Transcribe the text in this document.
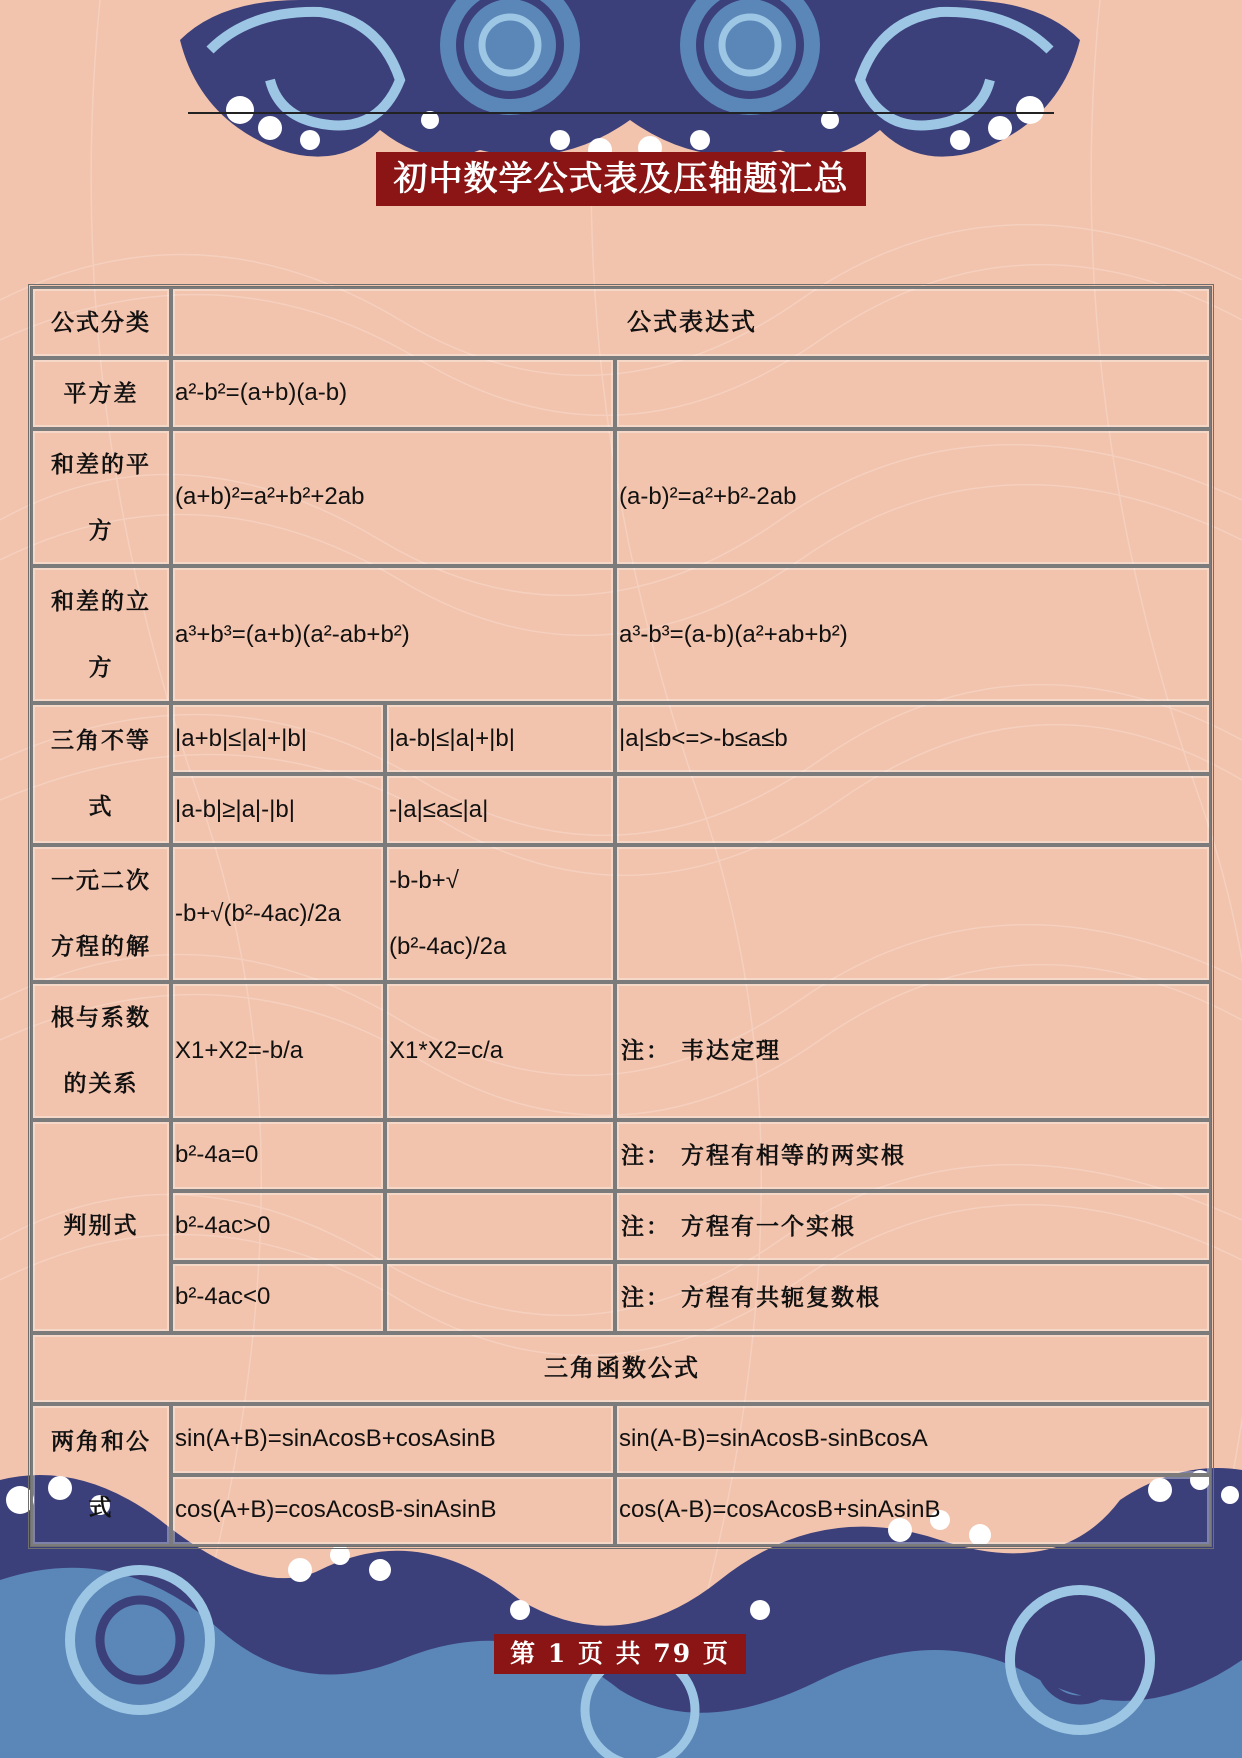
初中数学公式表及压轴题汇总
公式分类	公式表达式		
平方差	a²-b²=(a+b)(a-b)		
和差的平方	(a+b)²=a²+b²+2ab		(a-b)²=a²+b²-2ab
和差的立方	a³+b³=(a+b)(a²-ab+b²)		a³-b³=(a-b)(a²+ab+b²)
三角不等式	|a+b|≤|a|+|b|	|a-b|≤|a|+|b|	|a|≤b<=>-b≤a≤b
	|a-b|≥|a|-|b|	-|a|≤a≤|a|	
一元二次方程的解	-b+√(b²-4ac)/2a	-b-b+√
(b²-4ac)/2a	
根与系数的关系	X1+X2=-b/a	X1*X2=c/a	注： 韦达定理
判别式	b²-4a=0		注： 方程有相等的两实根
	b²-4ac>0		注： 方程有一个实根
	b²-4ac<0		注： 方程有共轭复数根
三角函数公式			
两角和公式	sin(A+B)=sinAcosB+cosAsinB		sin(A-B)=sinAcosB-sinBcosA
	cos(A+B)=cosAcosB-sinAsinB		cos(A-B)=cosAcosB+sinAsinB
第 1 页 共 79 页
